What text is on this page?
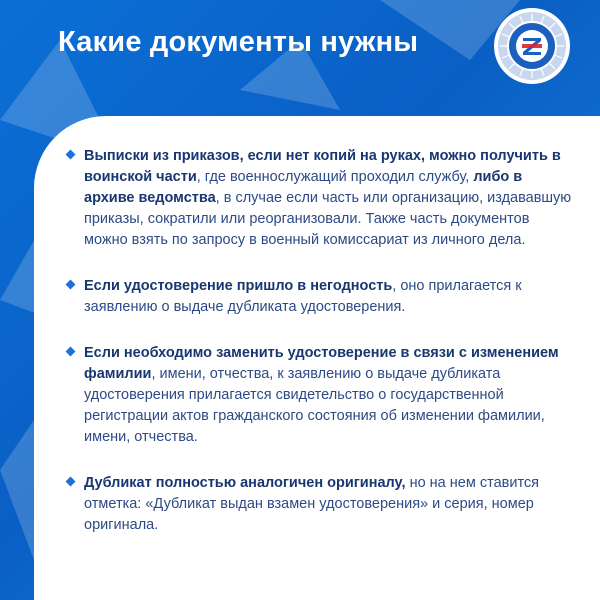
Какие документы нужны
Выписки из приказов, если нет копий на руках, можно получить в воинской части, где военнослужащий проходил службу, либо в архиве ведомства, в случае если часть или организацию, издававшую приказы, сократили или реорганизовали. Также часть документов можно взять по запросу в военный комиссариат из личного дела.
Если удостоверение пришло в негодность, оно прилагается к заявлению о выдаче дубликата удостоверения.
Если необходимо заменить удостоверение в связи с изменением фамилии, имени, отчества, к заявлению о выдаче дубликата удостоверения прилагается свидетельство о государственной регистрации актов гражданского состояния об изменении фамилии, имени, отчества.
Дубликат полностью аналогичен оригиналу, но на нем ставится отметка: «Дубликат выдан взамен удостоверения» и серия, номер оригинала.
